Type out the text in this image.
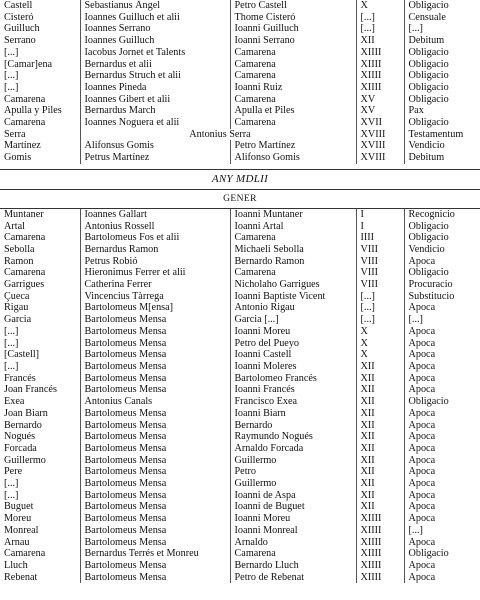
Castell	Sebastianus Àngel	Petro Castell	X	Obligacio
Cisteró	Ioannes Guilluch et alii	Thome Cisteró	[...]	Censuale
Guilluch	Ioannes Serrano	Ioanni Guilluch	[...]	[...]
Serrano	Ioannes Guilluch	Ioanni Serrano	XII	Debitum
[...]	Iacobus Jornet et Talents	Camarena	XIIII	Obligacio
[Camar]ena	Bernardus et alii	Camarena	XIIII	Obligacio
[...]	Bernardus Struch et alii	Camarena	XIIII	Obligacio
[...]	Ioannes Pineda	Ioanni Ruiz	XIIII	Obligacio
Camarena	Ioannes Gibert et alii	Camarena	XV	Obligacio
Apulla y Piles	Bernardus March	Apulla et Piles	XV	Pax
Camarena	Ioannes Noguera et alii	Camarena	XVII	Obligacio
Serra	Antonius Serra		XVIII	Testamentum
Martínez	Alifonsus Gomis	Petro Martínez	XVIII	Vendicio
Gomis	Petrus Martínez	Alifonso Gomis	XVIII	Debitum
ANY MDLII
GENER
Muntaner	Ioannes Gallart	Ioanni Muntaner	I	Recognicio
Artal	Antonius Rossell	Ioanni Artal	I	Obligacio
Camarena	Bartolomeus Fos et alii	Camarena	IIII	Obligacio
Sebolla	Bernardus Ramon	Michaeli Sebolla	VIII	Vendicio
Ramon	Petrus Robió	Bernardo Ramon	VIII	Apoca
Camarena	Hieronimus Ferrer et alii	Camarena	VIII	Obligacio
Garrigues	Catherina Ferrer	Nicholaho Garrigues	VIII	Procuracio
Çueca	Vincencius Tàrrega	Ioanni Baptiste Vicent	[...]	Substitucio
Rigau	Bartolomeus M[ensa]	Antonio Rigau	[...]	Apoca
Garcia	Bartolomeus Mensa	Garcia [...]	[...]	[...]
[...]	Bartolomeus Mensa	Ioanni Moreu	X	Apoca
[...]	Bartolomeus Mensa	Petro del Pueyo	X	Apoca
[Castell]	Bartolomeus Mensa	Ioanni Castell	X	Apoca
[...]	Bartolomeus Mensa	Ioanni Moleres	XII	Apoca
Francés	Bartolomeus Mensa	Bartolomeo Francés	XII	Apoca
Joan Francés	Bartolomeus Mensa	Ioanni Francés	XII	Apoca
Exea	Antonius Canals	Francisco Exea	XII	Obligacio
Joan Biarn	Bartolomeus Mensa	Ioanni Biarn	XII	Apoca
Bernardo	Bartolomeus Mensa	Bernardo	XII	Apoca
Nogués	Bartolomeus Mensa	Raymundo Nogués	XII	Apoca
Forcada	Bartolomeus Mensa	Arnaldo Forcada	XII	Apoca
Guillermo	Bartolomeus Mensa	Guillermo	XII	Apoca
Pere	Bartolomeus Mensa	Petro	XII	Apoca
[...]	Bartolomeus Mensa	Guillermo	XII	Apoca
[...]	Bartolomeus Mensa	Ioanni de Aspa	XII	Apoca
Buguet	Bartolomeus Mensa	Ioanni de Buguet	XII	Apoca
Moreu	Bartolomeus Mensa	Ioanni Moreu	XIIII	Apoca
Monreal	Bartolomeus Mensa	Ioanni Monreal	XIIII	[...]
Arnau	Bartolomeus Mensa	Arnaldo	XIIII	Apoca
Camarena	Bernardus Terrés et Monreu	Camarena	XIIII	Obligacio
Lluch	Bartolomeus Mensa	Bernardo Lluch	XIIII	Apoca
Rebenat	Bartolomeus Mensa	Petro de Rebenat	XIIII	Apoca
